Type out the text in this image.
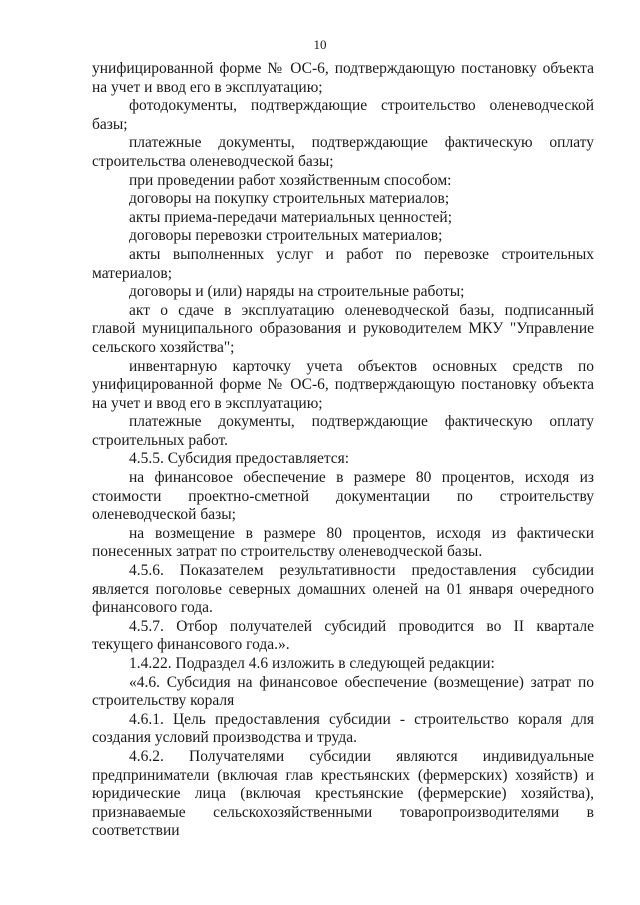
10

унифицированной форме № ОС-6, подтверждающую постановку объекта на учет и ввод его в эксплуатацию;

фотодокументы, подтверждающие строительство оленеводческой базы;

платежные документы, подтверждающие фактическую оплату строительства оленеводческой базы;

при проведении работ хозяйственным способом:

договоры на покупку строительных материалов;

акты приема-передачи материальных ценностей;

договоры перевозки строительных материалов;

акты выполненных услуг и работ по перевозке строительных материалов;

договоры и (или) наряды на строительные работы;

акт о сдаче в эксплуатацию оленеводческой базы, подписанный главой муниципального образования и руководителем МКУ "Управление сельского хозяйства";

инвентарную карточку учета объектов основных средств по унифицированной форме № ОС-6, подтверждающую постановку объекта на учет и ввод его в эксплуатацию;

платежные документы, подтверждающие фактическую оплату строительных работ.

4.5.5. Субсидия предоставляется:

на финансовое обеспечение в размере 80 процентов, исходя из стоимости проектно-сметной документации по строительству оленеводческой базы;

на возмещение в размере 80 процентов, исходя из фактически понесенных затрат по строительству оленеводческой базы.

4.5.6. Показателем результативности предоставления субсидии является поголовье северных домашних оленей на 01 января очередного финансового года.

4.5.7. Отбор получателей субсидий проводится во II квартале текущего финансового года.».

1.4.22. Подраздел 4.6 изложить в следующей редакции:

«4.6. Субсидия на финансовое обеспечение (возмещение) затрат по строительству кораля

4.6.1. Цель предоставления субсидии - строительство кораля для создания условий производства и труда.

4.6.2. Получателями субсидии являются индивидуальные предприниматели (включая глав крестьянских (фермерских) хозяйств) и юридические лица (включая крестьянские (фермерские) хозяйства), признаваемые сельскохозяйственными товаропроизводителями в соответствии
